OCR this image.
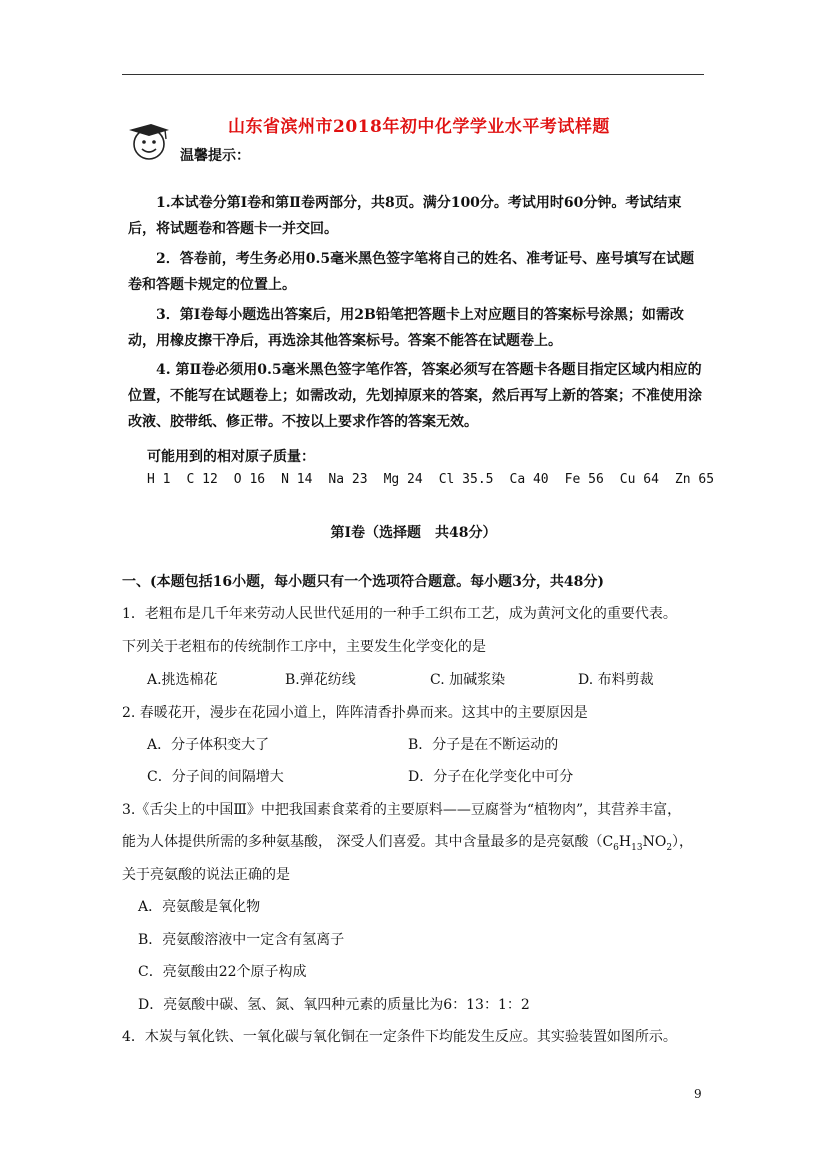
山东省滨州市2018年初中化学学业水平考试样题
温馨提示：
1.本试卷分第Ⅰ卷和第Ⅱ卷两部分，共8页。满分100分。考试用时60分钟。考试结束后，将试题卷和答题卡一并交回。
2．答卷前，考生务必用0.5毫米黑色签字笔将自己的姓名、准考证号、座号填写在试题卷和答题卡规定的位置上。
3．第Ⅰ卷每小题选出答案后，用2B铅笔把答题卡上对应题目的答案标号涂黑；如需改动，用橡皮擦干净后，再选涂其他答案标号。答案不能答在试题卷上。
4. 第Ⅱ卷必须用0.5毫米黑色签字笔作答，答案必须写在答题卡各题目指定区域内相应的位置，不能写在试题卷上；如需改动，先划掉原来的答案，然后再写上新的答案；不准使用涂改液、胶带纸、修正带。不按以上要求作答的答案无效。
可能用到的相对原子质量：
H 1 C 12 O 16 N 14 Na 23 Mg 24 Cl 35.5 Ca 40 Fe 56 Cu 64 Zn 65
第Ⅰ卷（选择题　共48分）
一、(本题包括16小题，每小题只有一个选项符合题意。每小题3分，共48分)
1．老粗布是几千年来劳动人民世代延用的一种手工织布工艺，成为黄河文化的重要代表。
下列关于老粗布的传统制作工序中，主要发生化学变化的是
A.挑选棉花	B.弹花纺线	C. 加碱浆染	D. 布料剪裁
2. 春暖花开，漫步在花园小道上，阵阵清香扑鼻而来。这其中的主要原因是
A．分子体积变大了	B．分子是在不断运动的
C．分子间的间隔增大	D．分子在化学变化中可分
3.《舌尖上的中国Ⅲ》中把我国素食菜肴的主要原料——豆腐誉为“植物肉”，其营养丰富，
能为人体提供所需的多种氨基酸， 深受人们喜爱。其中含量最多的是亮氨酸$(C_6H_{13}NO_2)$，
关于亮氨酸的说法正确的是
A．亮氨酸是氧化物
B．亮氨酸溶液中一定含有氢离子
C．亮氨酸由22个原子构成
D．亮氨酸中碳、氢、氮、氧四种元素的质量比为6：13：1：2
4．木炭与氧化铁、一氧化碳与氧化铜在一定条件下均能发生反应。其实验装置如图所示。
9
